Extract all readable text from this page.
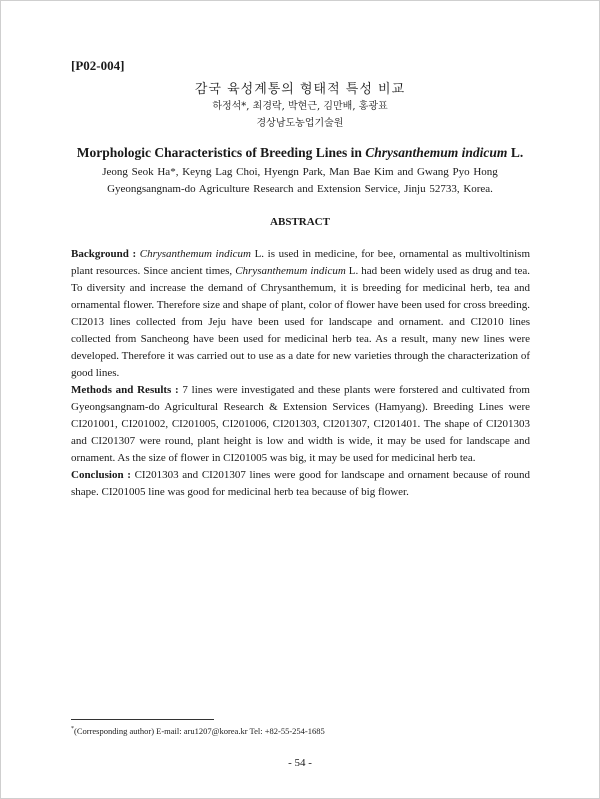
[P02-004]
감국 육성계통의 형태적 특성 비교
하정석*, 최경락, 박현근, 김만배, 홍광표
경상남도농업기술원
Morphologic Characteristics of Breeding Lines in Chrysanthemum indicum L.
Jeong Seok Ha*, Keyng Lag Choi, Hyengn Park, Man Bae Kim and Gwang Pyo Hong
Gyeongsangnam-do Agriculture Research and Extension Service, Jinju 52733, Korea.
ABSTRACT

Background : Chrysanthemum indicum L. is used in medicine, for bee, ornamental as multivoltinism plant resources. Since ancient times, Chrysanthemum indicum L. had been widely used as drug and tea. To diversity and increase the demand of Chrysanthemum, it is breeding for medicinal herb, tea and ornamental flower. Therefore size and shape of plant, color of flower have been used for cross breeding. CI2013 lines collected from Jeju have been used for landscape and ornament. and CI2010 lines collected from Sancheong have been used for medicinal herb tea. As a result, many new lines were developed. Therefore it was carried out to use as a date for new varieties through the characterization of good lines.

Methods and Results : 7 lines were investigated and these plants were forstered and cultivated from Gyeongsangnam-do Agricultural Research & Extension Services (Hamyang). Breeding Lines were CI201001, CI201002, CI201005, CI201006, CI201303, CI201307, CI201401. The shape of CI201303 and CI201307 were round, plant height is low and width is wide, it may be used for landscape and ornament. As the size of flower in CI201005 was big, it may be used for medicinal herb tea.

Conclusion : CI201303 and CI201307 lines were good for landscape and ornament because of round shape. CI201005 line was good for medicinal herb tea because of big flower.

*(Corresponding author) E-mail: aru1207@korea.kr Tel: +82-55-254-1685
- 54 -
